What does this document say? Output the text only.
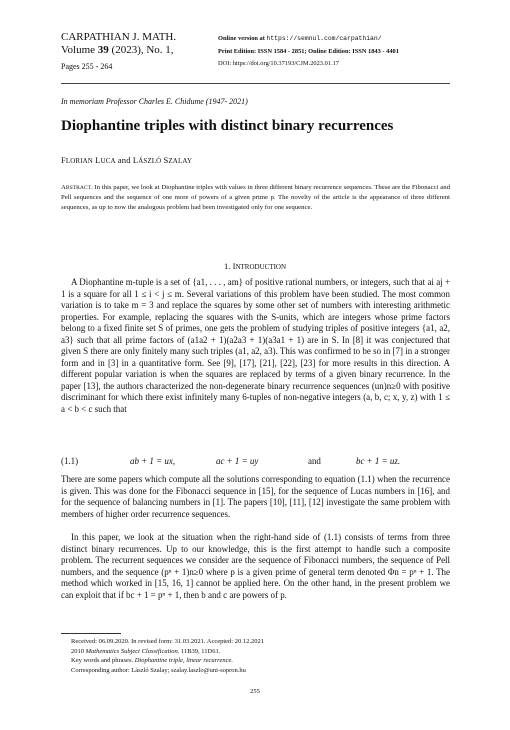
CARPATHIAN J. MATH.
Volume 39 (2023), No. 1,
Pages 255 - 264
Online version at https://semnul.com/carpathian/
Print Edition: ISSN 1584 - 2851; Online Edition: ISSN 1843 - 4401
DOI: https://doi.org/10.37193/CJM.2023.01.17
In memoriam Professor Charles E. Chidume (1947- 2021)
Diophantine triples with distinct binary recurrences
FLORIAN LUCA and LÁSZLÓ SZALAY
ABSTRACT. In this paper, we look at Diophantine triples with values in three different binary recurrence sequences. These are the Fibonacci and Pell sequences and the sequence of one more of powers of a given prime p. The novelty of the article is the appearance of three different sequences, as up to now the analogous problem had been investigated only for one sequence.
1. INTRODUCTION
A Diophantine m-tuple is a set of {a1, . . . , am} of positive rational numbers, or integers, such that ai aj + 1 is a square for all 1 ≤ i < j ≤ m. Several variations of this problem have been studied. The most common variation is to take m = 3 and replace the squares by some other set of numbers with interesting arithmetic properties. For example, replacing the squares with the S-units, which are integers whose prime factors belong to a fixed finite set S of primes, one gets the problem of studying triples of positive integers {a1, a2, a3} such that all prime factors of (a1a2 + 1)(a2a3 + 1)(a3a1 + 1) are in S. In [8] it was conjectured that given S there are only finitely many such triples (a1, a2, a3). This was confirmed to be so in [7] in a stronger form and in [3] in a quantitative form. See [9], [17], [21], [22], [23] for more results in this direction. A different popular variation is when the squares are replaced by terms of a given binary recurrence. In the paper [13], the authors characterized the non-degenerate binary recurrence sequences (un)n≥0 with positive discriminant for which there exist infinitely many 6-tuples of non-negative integers (a, b, c; x, y, z) with 1 ≤ a < b < c such that
(1.1)	ab + 1 = ux,	ac + 1 = uy	and	bc + 1 = uz.
There are some papers which compute all the solutions corresponding to equation (1.1) when the recurrence is given. This was done for the Fibonacci sequence in [15], for the sequence of Lucas numbers in [16], and for the sequence of balancing numbers in [1]. The papers [10], [11], [12] investigate the same problem with members of higher order recurrence sequences.
In this paper, we look at the situation when the right-hand side of (1.1) consists of terms from three distinct binary recurrences. Up to our knowledge, this is the first attempt to handle such a composite problem. The recurrent sequences we consider are the sequence of Fibonacci numbers, the sequence of Pell numbers, and the sequence (pⁿ + 1)n≥0 where p is a given prime of general term denoted Φn = pⁿ + 1. The method which worked in [15, 16, 1] cannot be applied here. On the other hand, in the present problem we can exploit that if bc + 1 = pⁿ + 1, then b and c are powers of p.
Received: 06.09.2020. In revised form: 31.03.2021. Accepted: 20.12.2021
2010 Mathematics Subject Classification. 11B39, 11D61.
Key words and phrases. Diophantine triple, linear recurrence.
Corresponding author: László Szalay; szalay.laszlo@uni-sopron.hu
255
